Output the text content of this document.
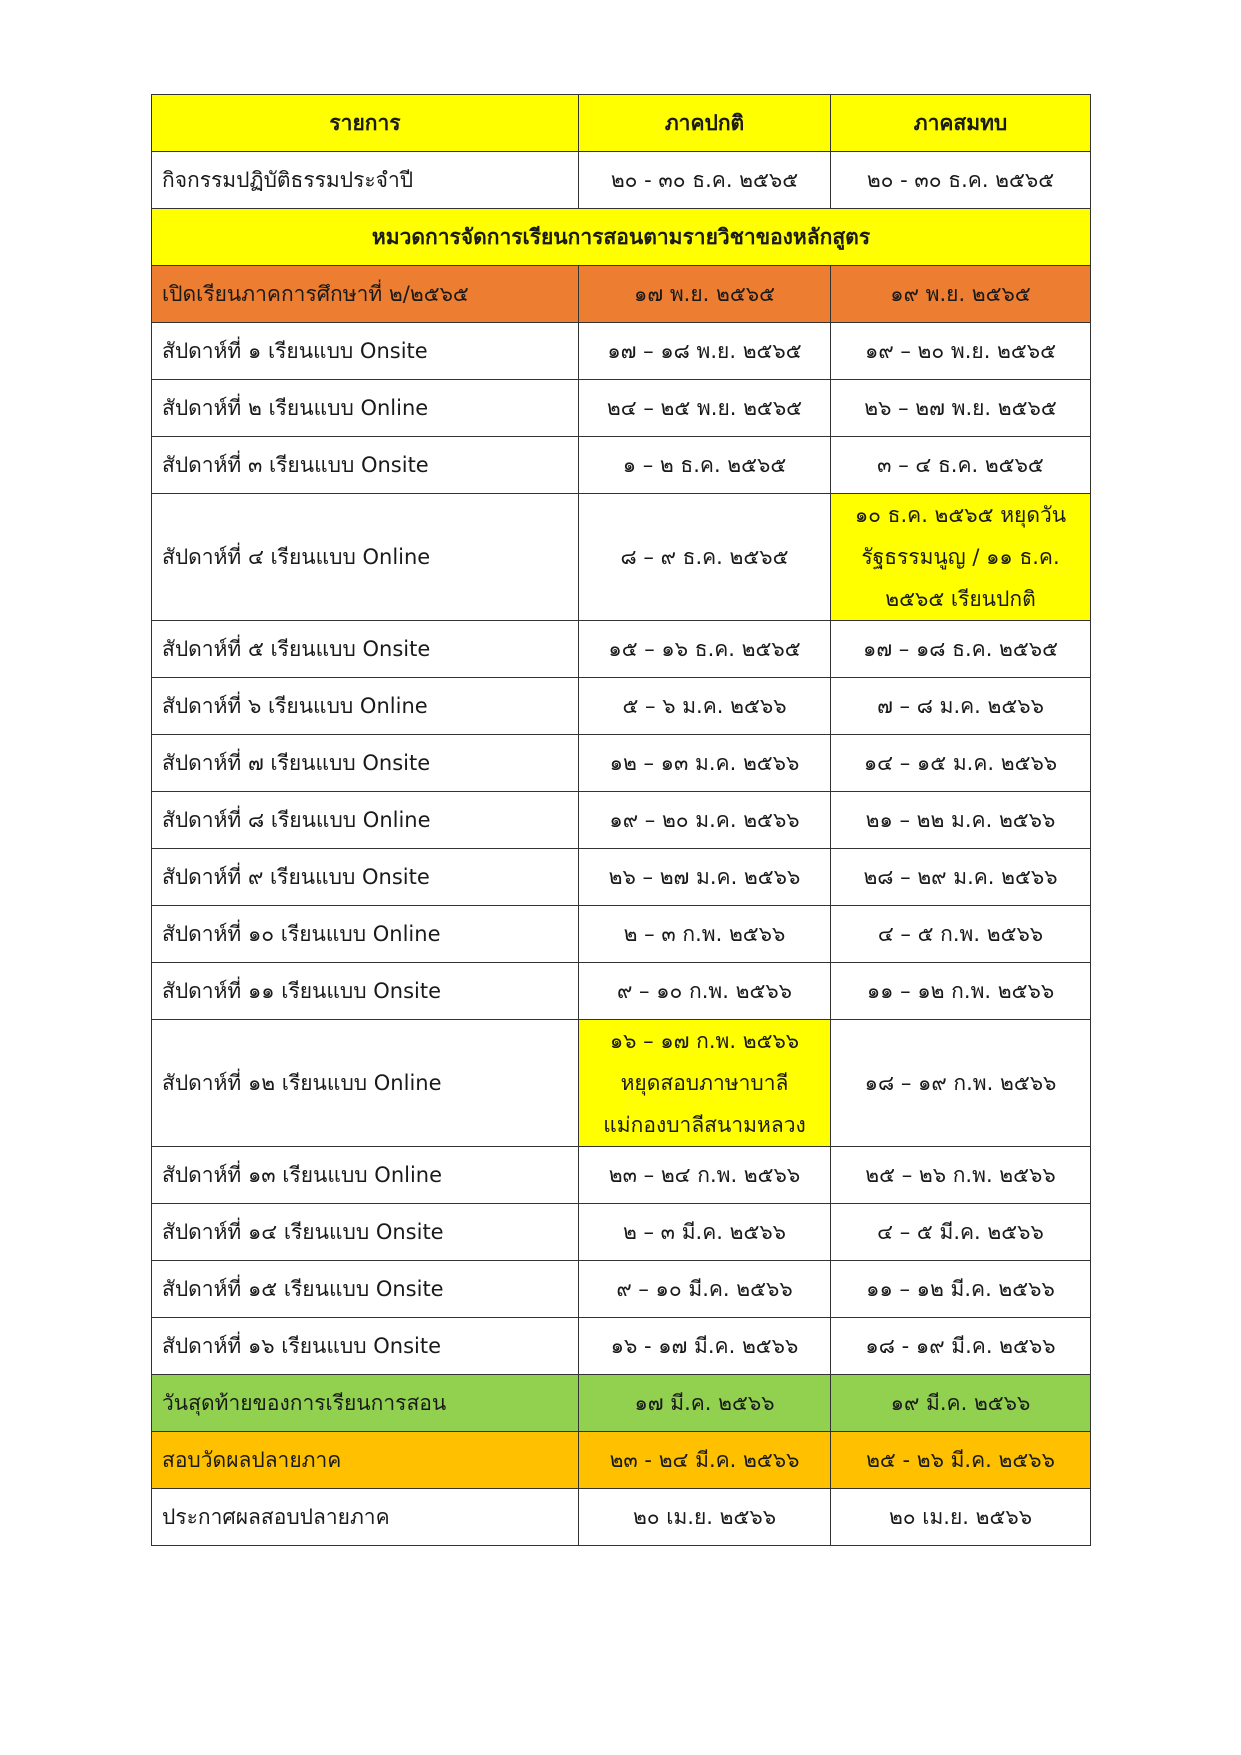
รายการ	ภาคปกติ	ภาคสมทบ
กิจกรรมปฏิบัติธรรมประจำปี	๒๐ - ๓๐ ธ.ค. ๒๕๖๕	๒๐ - ๓๐ ธ.ค. ๒๕๖๕
หมวดการจัดการเรียนการสอนตามรายวิชาของหลักสูตร		
เปิดเรียนภาคการศึกษาที่ ๒/๒๕๖๕	๑๗ พ.ย. ๒๕๖๕	๑๙ พ.ย. ๒๕๖๕
สัปดาห์ที่ ๑ เรียนแบบ Onsite	๑๗ – ๑๘ พ.ย. ๒๕๖๕	๑๙ – ๒๐ พ.ย. ๒๕๖๕
สัปดาห์ที่ ๒ เรียนแบบ Online	๒๔ – ๒๕ พ.ย. ๒๕๖๕	๒๖ – ๒๗ พ.ย. ๒๕๖๕
สัปดาห์ที่ ๓ เรียนแบบ Onsite	๑ – ๒ ธ.ค. ๒๕๖๕	๓ – ๔ ธ.ค. ๒๕๖๕
สัปดาห์ที่ ๔ เรียนแบบ Online	๘ – ๙ ธ.ค. ๒๕๖๕	๑๐ ธ.ค. ๒๕๖๕ หยุดวันรัฐธรรมนูญ / ๑๑ ธ.ค. ๒๕๖๕ เรียนปกติ
สัปดาห์ที่ ๕ เรียนแบบ Onsite	๑๕ – ๑๖ ธ.ค. ๒๕๖๕	๑๗ – ๑๘ ธ.ค. ๒๕๖๕
สัปดาห์ที่ ๖ เรียนแบบ Online	๕ – ๖ ม.ค. ๒๕๖๖	๗ – ๘ ม.ค. ๒๕๖๖
สัปดาห์ที่ ๗ เรียนแบบ Onsite	๑๒ – ๑๓ ม.ค. ๒๕๖๖	๑๔ – ๑๕ ม.ค. ๒๕๖๖
สัปดาห์ที่ ๘ เรียนแบบ Online	๑๙ – ๒๐ ม.ค. ๒๕๖๖	๒๑ – ๒๒ ม.ค. ๒๕๖๖
สัปดาห์ที่ ๙ เรียนแบบ Onsite	๒๖ – ๒๗ ม.ค. ๒๕๖๖	๒๘ – ๒๙ ม.ค. ๒๕๖๖
สัปดาห์ที่ ๑๐ เรียนแบบ Online	๒ – ๓ ก.พ. ๒๕๖๖	๔ – ๕ ก.พ. ๒๕๖๖
สัปดาห์ที่ ๑๑ เรียนแบบ Onsite	๙ – ๑๐ ก.พ. ๒๕๖๖	๑๑ – ๑๒ ก.พ. ๒๕๖๖
สัปดาห์ที่ ๑๒ เรียนแบบ Online	๑๖ – ๑๗ ก.พ. ๒๕๖๖ หยุดสอบภาษาบาลี แม่กองบาลีสนามหลวง	๑๘ – ๑๙ ก.พ. ๒๕๖๖
สัปดาห์ที่ ๑๓ เรียนแบบ Online	๒๓ – ๒๔ ก.พ. ๒๕๖๖	๒๕ – ๒๖ ก.พ. ๒๕๖๖
สัปดาห์ที่ ๑๔ เรียนแบบ Onsite	๒ – ๓ มี.ค. ๒๕๖๖	๔ – ๕ มี.ค. ๒๕๖๖
สัปดาห์ที่ ๑๕ เรียนแบบ Onsite	๙ – ๑๐ มี.ค. ๒๕๖๖	๑๑ – ๑๒ มี.ค. ๒๕๖๖
สัปดาห์ที่ ๑๖ เรียนแบบ Onsite	๑๖ - ๑๗ มี.ค. ๒๕๖๖	๑๘ - ๑๙ มี.ค. ๒๕๖๖
วันสุดท้ายของการเรียนการสอน	๑๗ มี.ค. ๒๕๖๖	๑๙ มี.ค. ๒๕๖๖
สอบวัดผลปลายภาค	๒๓ - ๒๔ มี.ค. ๒๕๖๖	๒๕ - ๒๖ มี.ค. ๒๕๖๖
ประกาศผลสอบปลายภาค	๒๐ เม.ย. ๒๕๖๖	๒๐ เม.ย. ๒๕๖๖
